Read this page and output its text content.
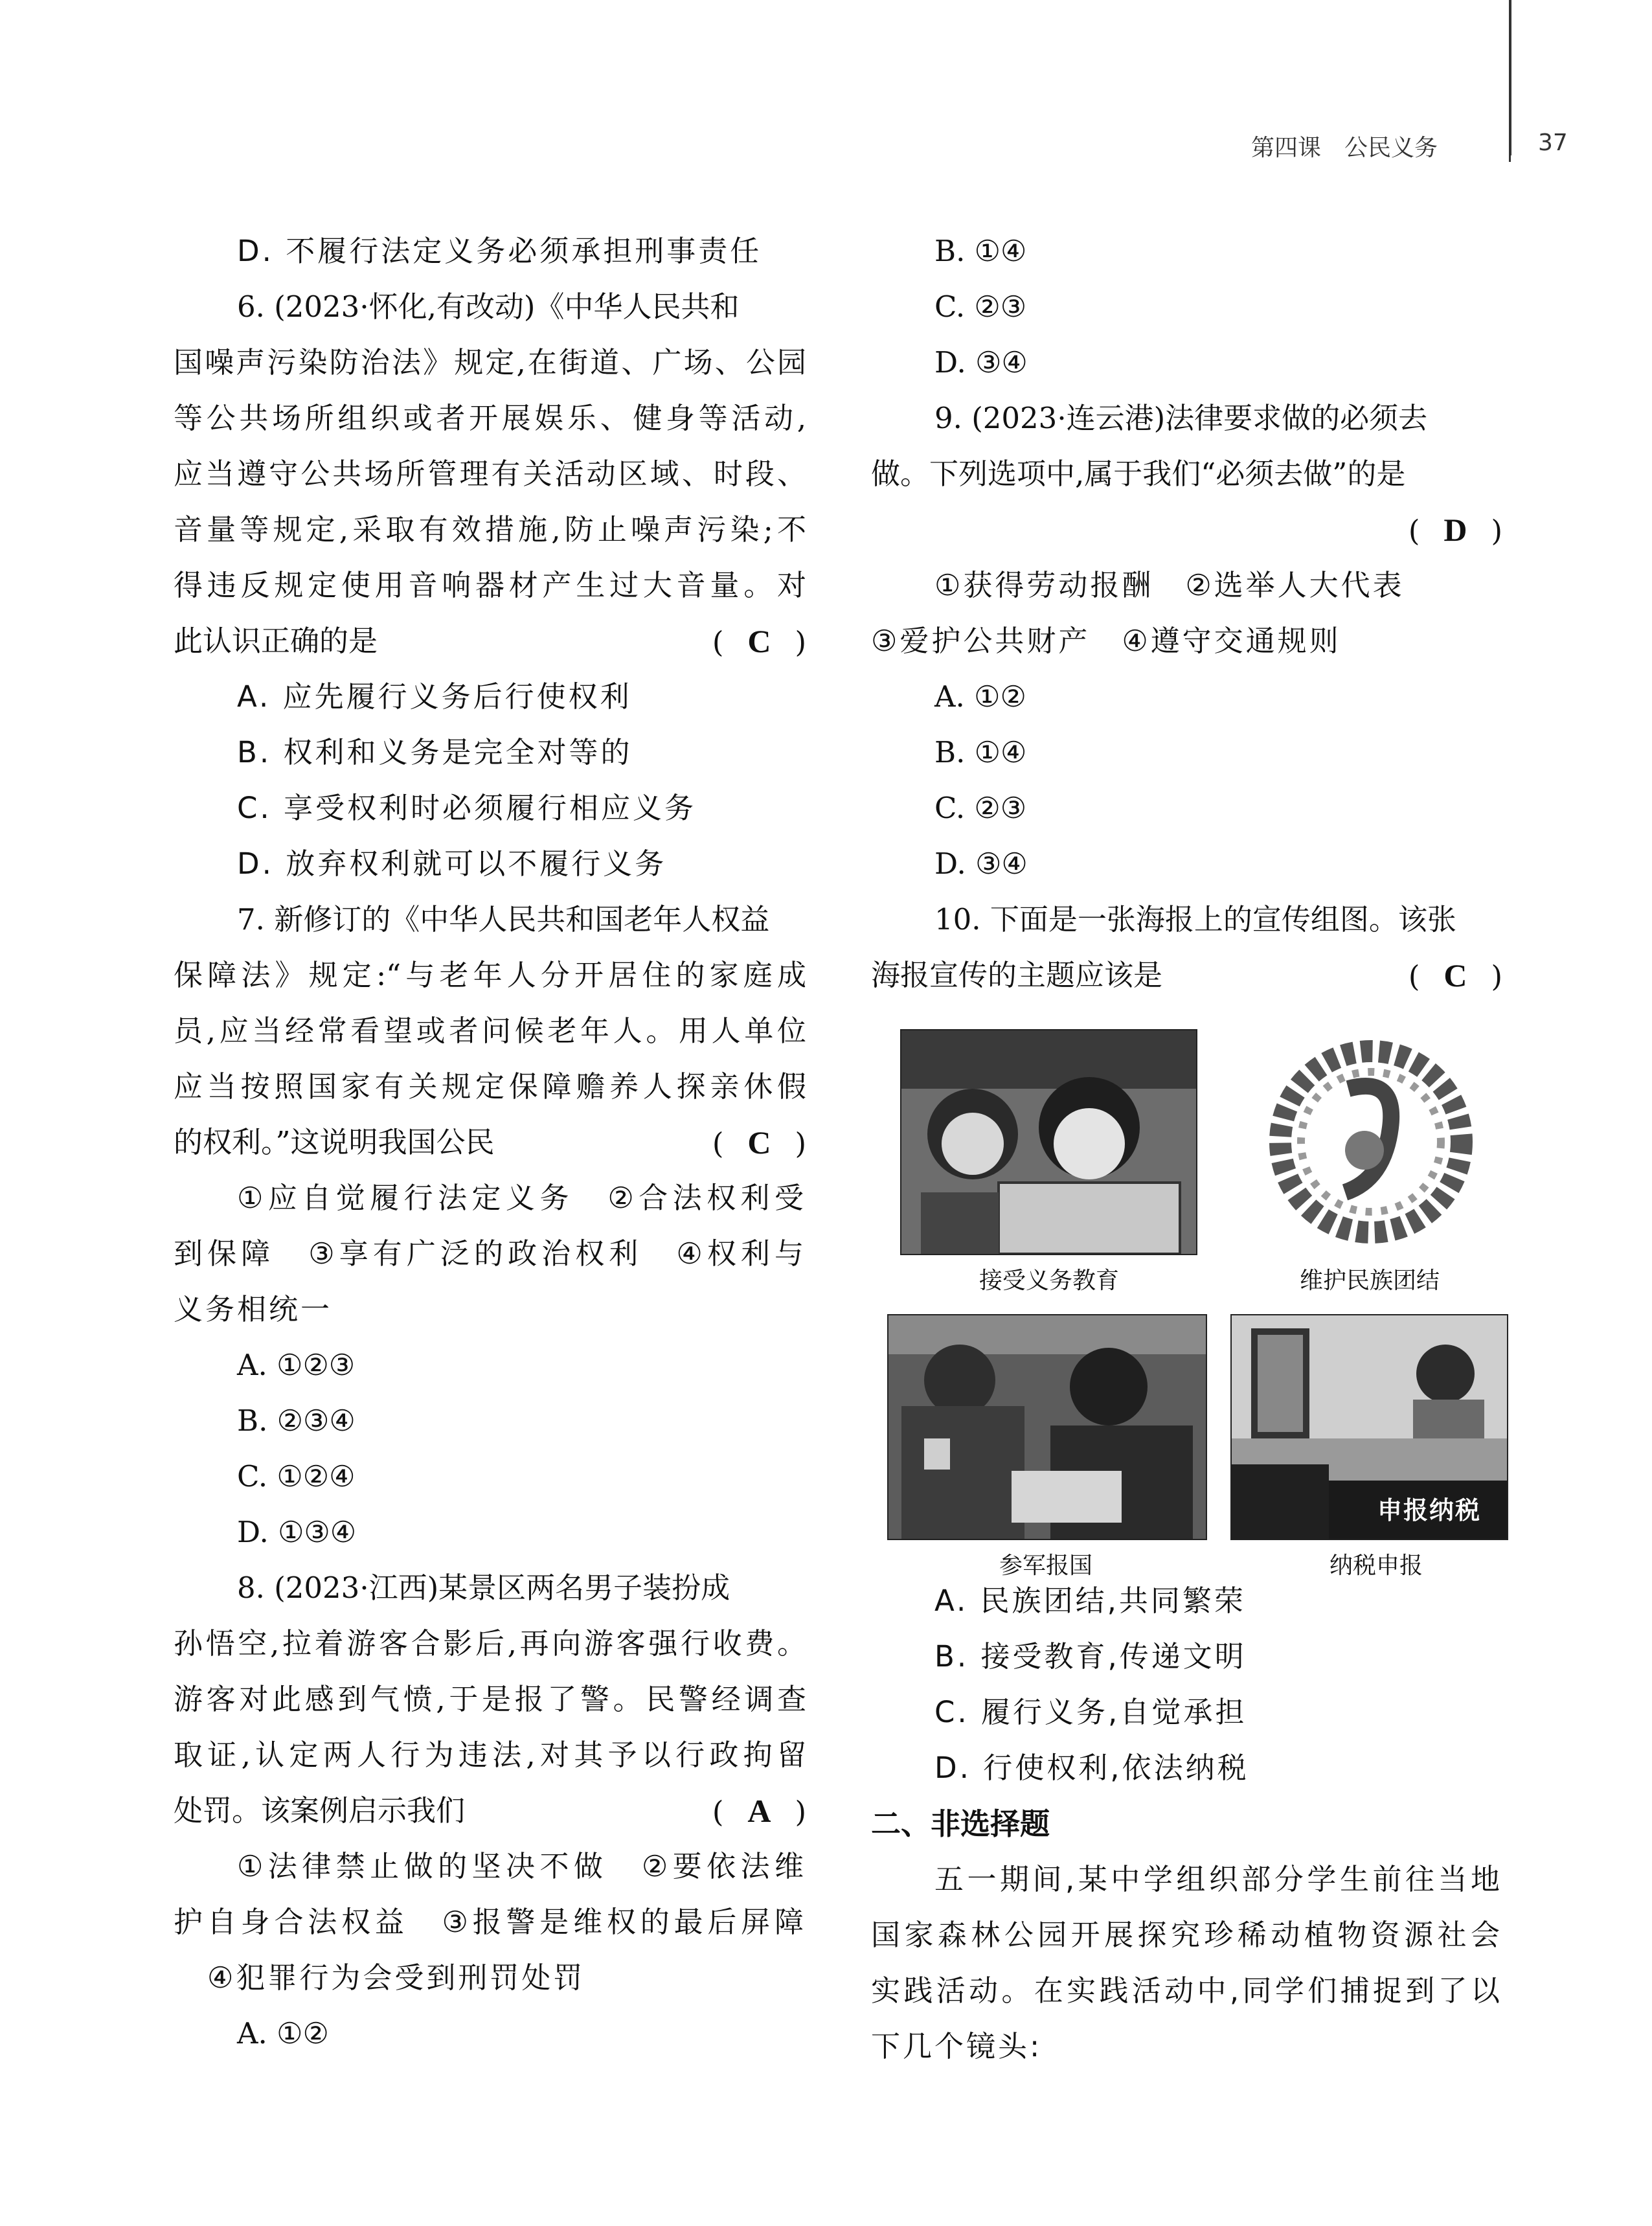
第四课　公民义务	37
D. 不履行法定义务必须承担刑事责任
6. (2023·怀化,有改动)《中华人民共和
国噪声污染防治法》规定,在街道、广场、公园
等公共场所组织或者开展娱乐、健身等活动,
应当遵守公共场所管理有关活动区域、时段、
音量等规定,采取有效措施,防止噪声污染;不
得违反规定使用音响器材产生过大音量。对
此认识正确的是	( C )
A. 应先履行义务后行使权利
B. 权利和义务是完全对等的
C. 享受权利时必须履行相应义务
D. 放弃权利就可以不履行义务
7. 新修订的《中华人民共和国老年人权益
保障法》规定:“与老年人分开居住的家庭成
员,应当经常看望或者问候老年人。用人单位
应当按照国家有关规定保障赡养人探亲休假
的权利。”这说明我国公民	( C )
①应自觉履行法定义务　②合法权利受
到保障　③享有广泛的政治权利　④权利与
义务相统一
A. ①②③
B. ②③④
C. ①②④
D. ①③④
8. (2023·江西)某景区两名男子装扮成
孙悟空,拉着游客合影后,再向游客强行收费。
游客对此感到气愤,于是报了警。民警经调查
取证,认定两人行为违法,对其予以行政拘留
处罚。该案例启示我们	( A )
①法律禁止做的坚决不做　②要依法维
护自身合法权益　③报警是维权的最后屏障
④犯罪行为会受到刑罚处罚
A. ①②
B. ①④
C. ②③
D. ③④
9. (2023·连云港)法律要求做的必须去
做。下列选项中,属于我们“必须去做”的是
( D )
①获得劳动报酬　②选举人大代表
③爱护公共财产　④遵守交通规则
A. ①②
B. ①④
C. ②③
D. ③④
10. 下面是一张海报上的宣传组图。该张
海报宣传的主题应该是	( C )
接受义务教育	维护民族团结
参军报国
申报纳税
纳税申报
A. 民族团结,共同繁荣
B. 接受教育,传递文明
C. 履行义务,自觉承担
D. 行使权利,依法纳税
二、非选择题
五一期间,某中学组织部分学生前往当地
国家森林公园开展探究珍稀动植物资源社会
实践活动。在实践活动中,同学们捕捉到了以
下几个镜头:
